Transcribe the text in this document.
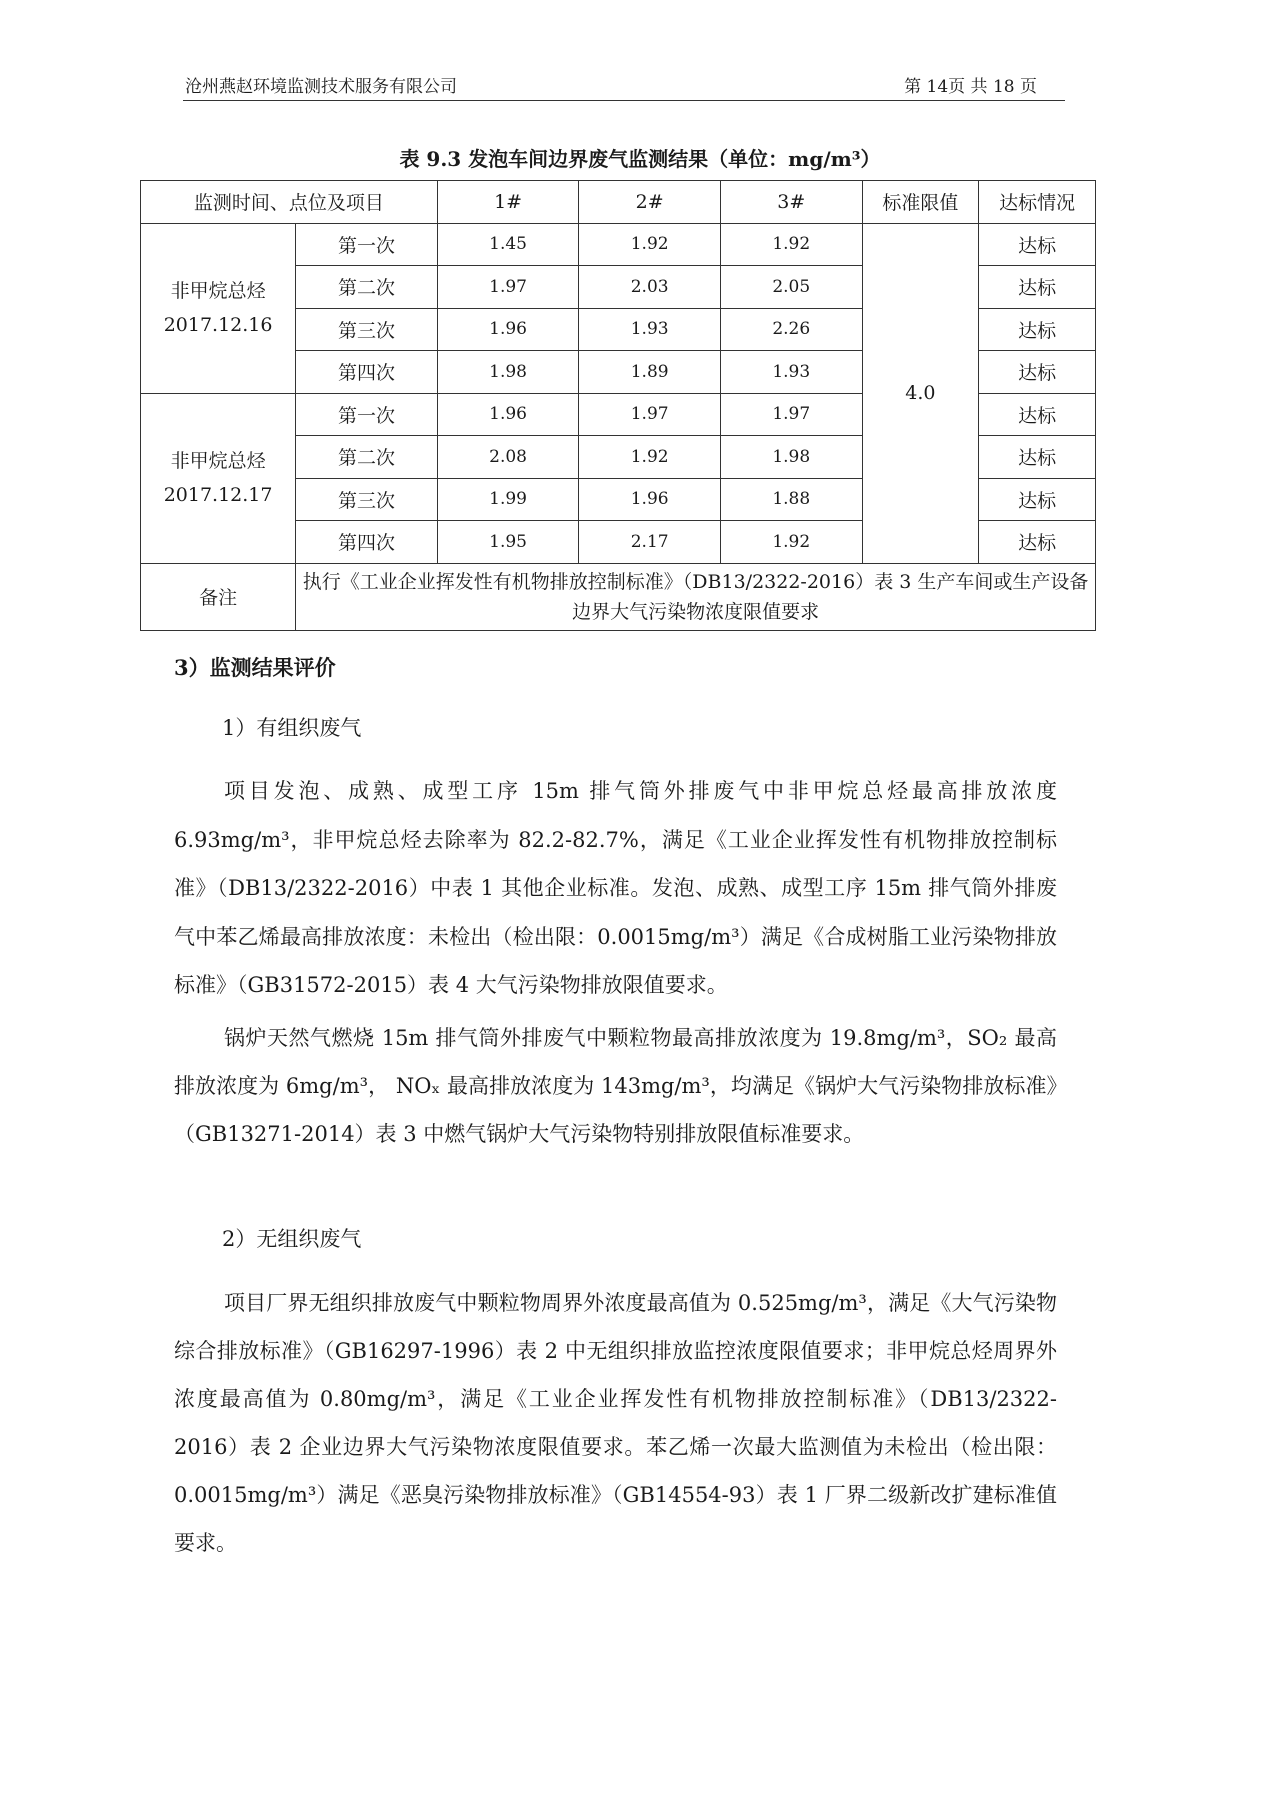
沧州燕赵环境监测技术服务有限公司	第 14页 共 18 页
表 9.3 发泡车间边界废气监测结果（单位：mg/m³）
监测时间、点位及项目		1#	2#	3#	标准限值	达标情况

非甲烷总烃
2017.12.16	第一次	1.45	1.92	1.92	4.0	达标
	第二次	1.97	2.03	2.05		达标
	第三次	1.96	1.93	2.26		达标
	第四次	1.98	1.89	1.93		达标

非甲烷总烃
2017.12.17	第一次	1.96	1.97	1.97		达标
	第二次	2.08	1.92	1.98		达标
	第三次	1.99	1.96	1.88		达标
	第四次	1.95	2.17	1.92		达标
备注	执行《工业企业挥发性有机物排放控制标准》（DB13/2322-2016）表 3 生产车间或生产设备边界大气污染物浓度限值要求					
3）监测结果评价
1）有组织废气
项目发泡、成熟、成型工序 15m 排气筒外排废气中非甲烷总烃最高排放浓度 6.93mg/m³，非甲烷总烃去除率为 82.2-82.7%，满足《工业企业挥发性有机物排放控制标准》（DB13/2322-2016）中表 1 其他企业标准。发泡、成熟、成型工序 15m 排气筒外排废气中苯乙烯最高排放浓度：未检出（检出限：0.0015mg/m³）满足《合成树脂工业污染物排放标准》（GB31572-2015）表 4 大气污染物排放限值要求。
锅炉天然气燃烧 15m 排气筒外排废气中颗粒物最高排放浓度为 19.8mg/m³，SO₂ 最高排放浓度为 6mg/m³， NOₓ 最高排放浓度为 143mg/m³，均满足《锅炉大气污染物排放标准》（GB13271-2014）表 3 中燃气锅炉大气污染物特别排放限值标准要求。
2）无组织废气
项目厂界无组织排放废气中颗粒物周界外浓度最高值为 0.525mg/m³，满足《大气污染物综合排放标准》（GB16297-1996）表 2 中无组织排放监控浓度限值要求；非甲烷总烃周界外浓度最高值为 0.80mg/m³，满足《工业企业挥发性有机物排放控制标准》（DB13/2322-2016）表 2 企业边界大气污染物浓度限值要求。苯乙烯一次最大监测值为未检出（检出限：0.0015mg/m³）满足《恶臭污染物排放标准》（GB14554-93）表 1 厂界二级新改扩建标准值要求。
